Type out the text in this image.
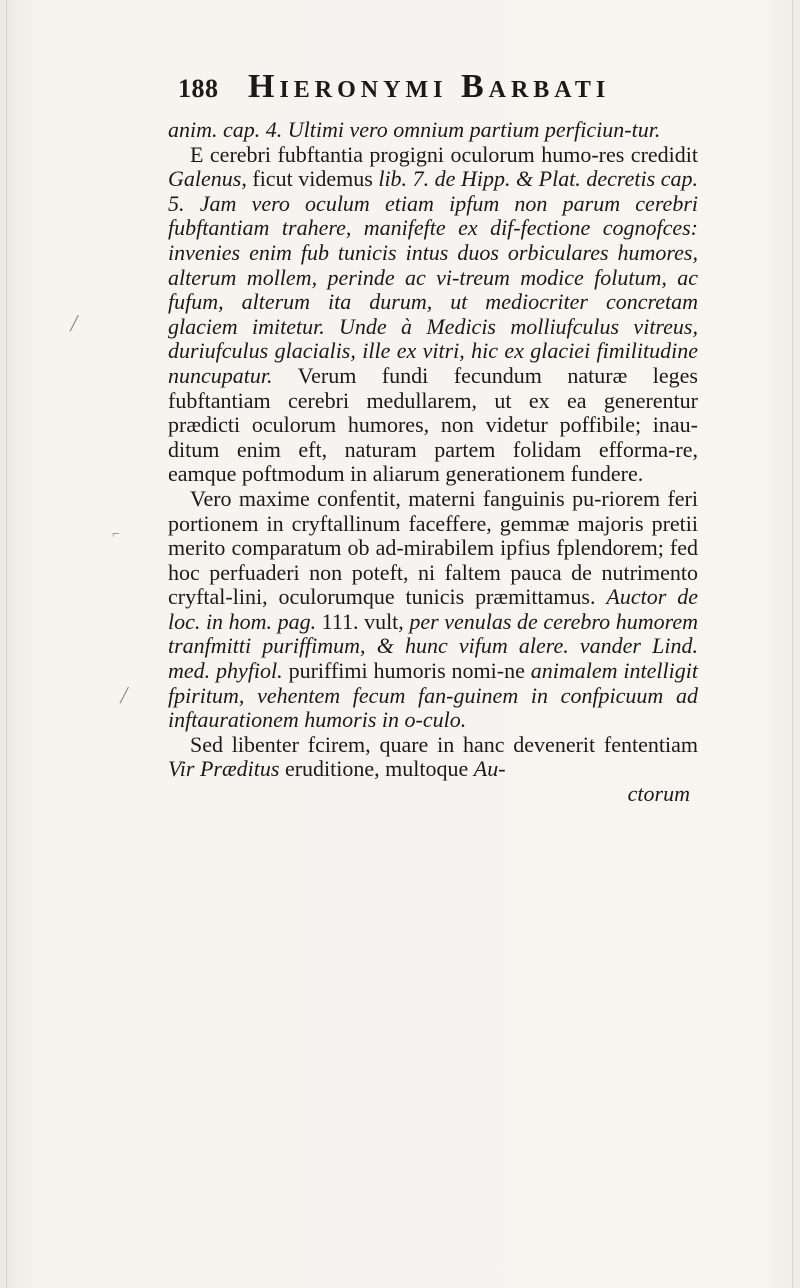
188 Hieronymi Barbati

anim. cap. 4. Ultimi vero omnium partium perficiun-tur.

E cerebri fubftantia progigni oculorum humo-res credidit Galenus, ficut videmus lib. 7. de Hipp. & Plat. decretis cap. 5. Jam vero oculum etiam ipfum non parum cerebri fubftantiam trahere, manifefte ex dif-fectione cognofces: invenies enim fub tunicis intus duos orbiculares humores, alterum mollem, perinde ac vi-treum modice folutum, ac fufum, alterum ita durum, ut mediocriter concretam glaciem imitetur. Unde à Medicis molliufculus vitreus, duriufculus glacialis, ille ex vitri, hic ex glaciei fimilitudine nuncupatur. Verum fundi fecundum naturæ leges fubftantiam cerebri medullarem, ut ex ea generentur prædicti oculorum humores, non videtur poffibile; inau-ditum enim eft, naturam partem folidam efforma-re, eamque poftmodum in aliarum generationem fundere.

Vero maxime confentit, materni fanguinis pu-riorem feri portionem in cryftallinum faceffere, gemmæ majoris pretii merito comparatum ob ad-mirabilem ipfius fplendorem; fed hoc perfuaderi non poteft, ni faltem pauca de nutrimento cryftal-lini, oculorumque tunicis præmittamus. Auctor de loc. in hom. pag. 111. vult, per venulas de cerebro humorem tranfmitti puriffimum, & hunc vifum alere. vander Lind. med. phyfiol. puriffimi humoris nomi-ne animalem intelligit fpiritum, vehentem fecum fan-guinem in confpicuum ad inftaurationem humoris in o-culo.

Sed libenter fcirem, quare in hanc devenerit fententiam Vir Præditus eruditione, multoque Au-

ctorum
╱
⌐
╱
